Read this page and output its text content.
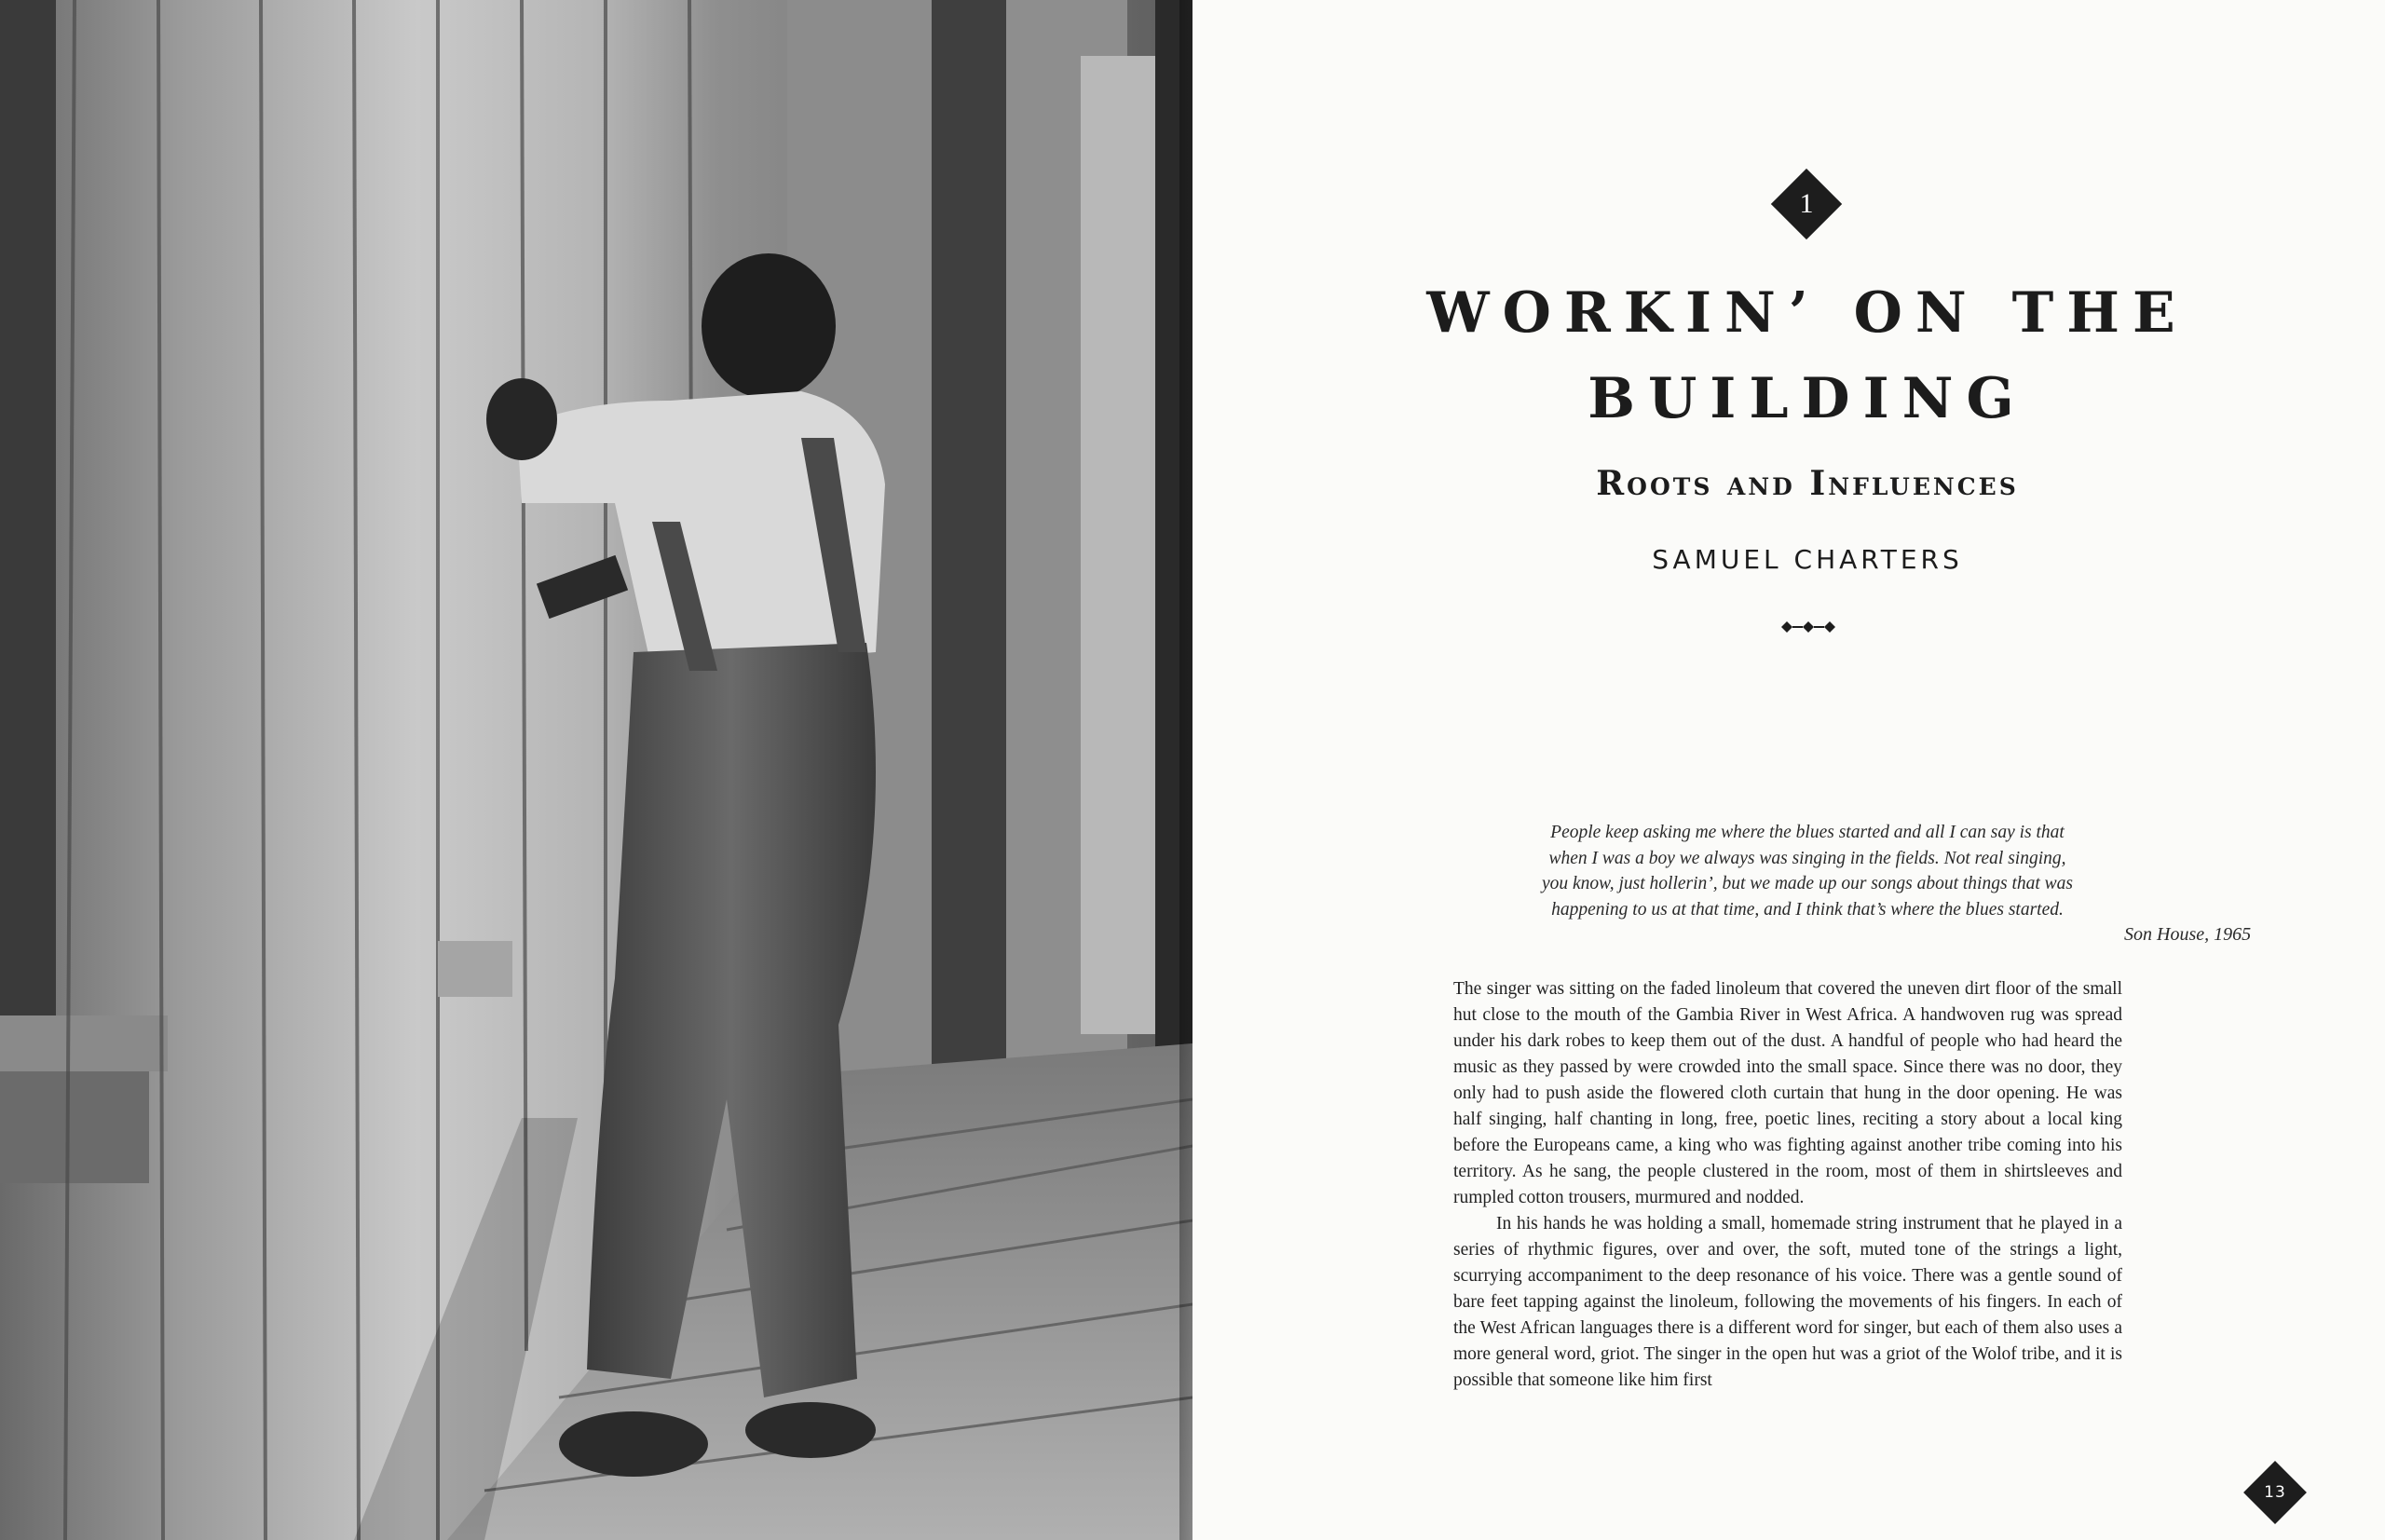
1
WORKIN’ ON THE BUILDING
Roots and Influences
SAMUEL CHARTERS

People keep asking me where the blues started and all I can say is that

when I was a boy we always was singing in the fields. Not real singing,

you know, just hollerin’, but we made up our songs about things that was

happening to us at that time, and I think that’s where the blues started.

Son House, 1965

The singer was sitting on the faded linoleum that covered the uneven dirt floor of the small hut close to the mouth of the Gambia River in West Africa. A handwoven rug was spread under his dark robes to keep them out of the dust. A handful of people who had heard the music as they passed by were crowded into the small space. Since there was no door, they only had to push aside the flowered cloth curtain that hung in the door opening. He was half singing, half chanting in long, free, poetic lines, reciting a story about a local king before the Europeans came, a king who was fighting against another tribe coming into his territory. As he sang, the people clustered in the room, most of them in shirtsleeves and rumpled cotton trousers, murmured and nodded.

In his hands he was holding a small, homemade string instrument that he played in a series of rhythmic figures, over and over, the soft, muted tone of the strings a light, scurrying accompaniment to the deep resonance of his voice. There was a gentle sound of bare feet tapping against the linoleum, following the movements of his fingers. In each of the West African languages there is a different word for singer, but each of them also uses a more general word, griot. The singer in the open hut was a griot of the Wolof tribe, and it is possible that someone like him first

13
